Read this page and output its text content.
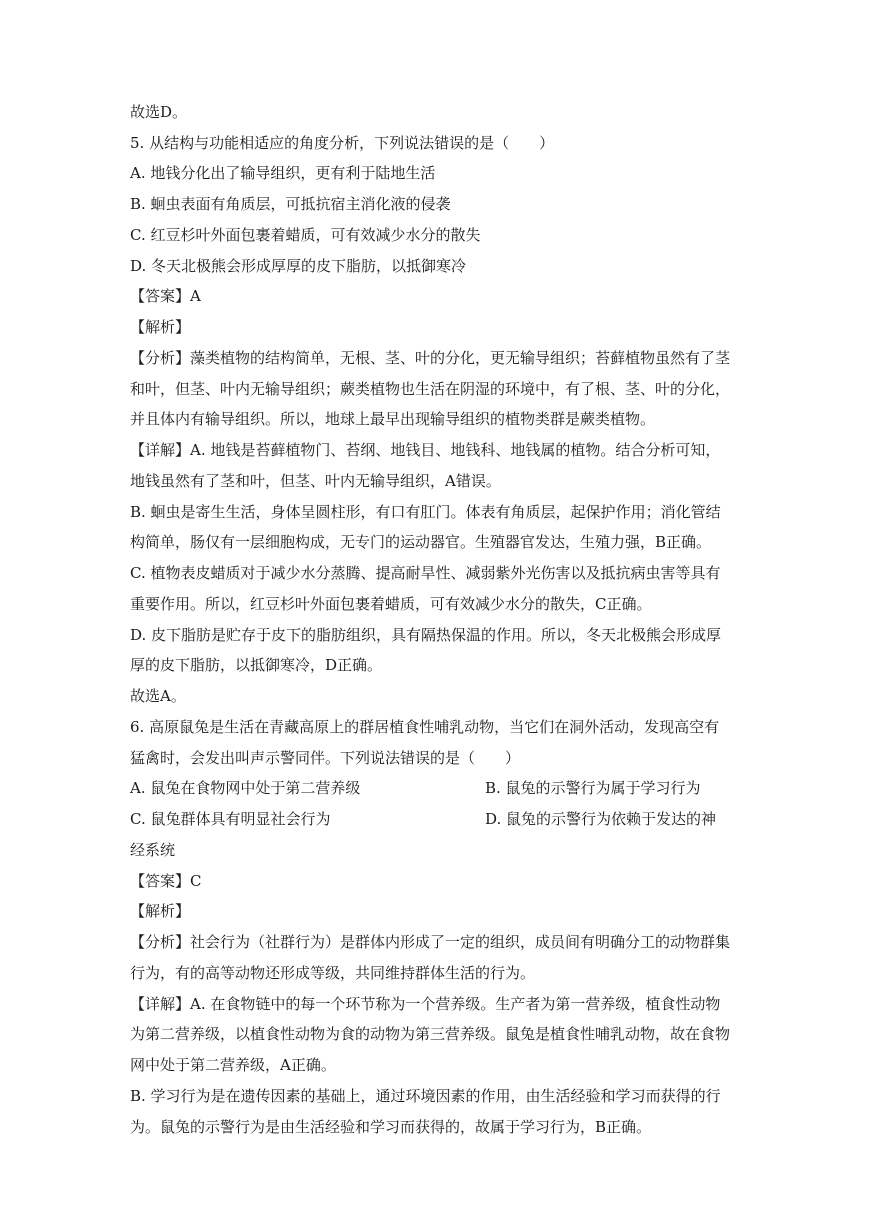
故选D。
5. 从结构与功能相适应的角度分析，下列说法错误的是（　　）
A. 地钱分化出了输导组织，更有利于陆地生活
B. 蛔虫表面有角质层，可抵抗宿主消化液的侵袭
C. 红豆杉叶外面包裹着蜡质，可有效减少水分的散失
D. 冬天北极熊会形成厚厚的皮下脂肪，以抵御寒冷
【答案】A
【解析】
【分析】藻类植物的结构简单，无根、茎、叶的分化，更无输导组织；苔藓植物虽然有了茎
和叶，但茎、叶内无输导组织；蕨类植物也生活在阴湿的环境中，有了根、茎、叶的分化，
并且体内有输导组织。所以，地球上最早出现输导组织的植物类群是蕨类植物。
【详解】A. 地钱是苔藓植物门、苔纲、地钱目、地钱科、地钱属的植物。结合分析可知，
地钱虽然有了茎和叶，但茎、叶内无输导组织，A错误。
B. 蛔虫是寄生生活，身体呈圆柱形，有口有肛门。体表有角质层，起保护作用；消化管结
构简单，肠仅有一层细胞构成，无专门的运动器官。生殖器官发达，生殖力强，B正确。
C. 植物表皮蜡质对于减少水分蒸腾、提高耐旱性、减弱紫外光伤害以及抵抗病虫害等具有
重要作用。所以，红豆杉叶外面包裹着蜡质，可有效减少水分的散失，C正确。
D. 皮下脂肪是贮存于皮下的脂肪组织，具有隔热保温的作用。所以，冬天北极熊会形成厚
厚的皮下脂肪，以抵御寒冷，D正确。
故选A。
6. 高原鼠兔是生活在青藏高原上的群居植食性哺乳动物，当它们在洞外活动，发现高空有
猛禽时，会发出叫声示警同伴。下列说法错误的是（　　）
A. 鼠兔在食物网中处于第二营养级	B. 鼠兔的示警行为属于学习行为
C. 鼠兔群体具有明显社会行为	D. 鼠兔的示警行为依赖于发达的神
经系统
【答案】C
【解析】
【分析】社会行为（社群行为）是群体内形成了一定的组织，成员间有明确分工的动物群集
行为，有的高等动物还形成等级，共同维持群体生活的行为。
【详解】A. 在食物链中的每一个环节称为一个营养级。生产者为第一营养级，植食性动物
为第二营养级，以植食性动物为食的动物为第三营养级。鼠兔是植食性哺乳动物，故在食物
网中处于第二营养级，A正确。
B. 学习行为是在遗传因素的基础上，通过环境因素的作用，由生活经验和学习而获得的行
为。鼠兔的示警行为是由生活经验和学习而获得的，故属于学习行为，B正确。
